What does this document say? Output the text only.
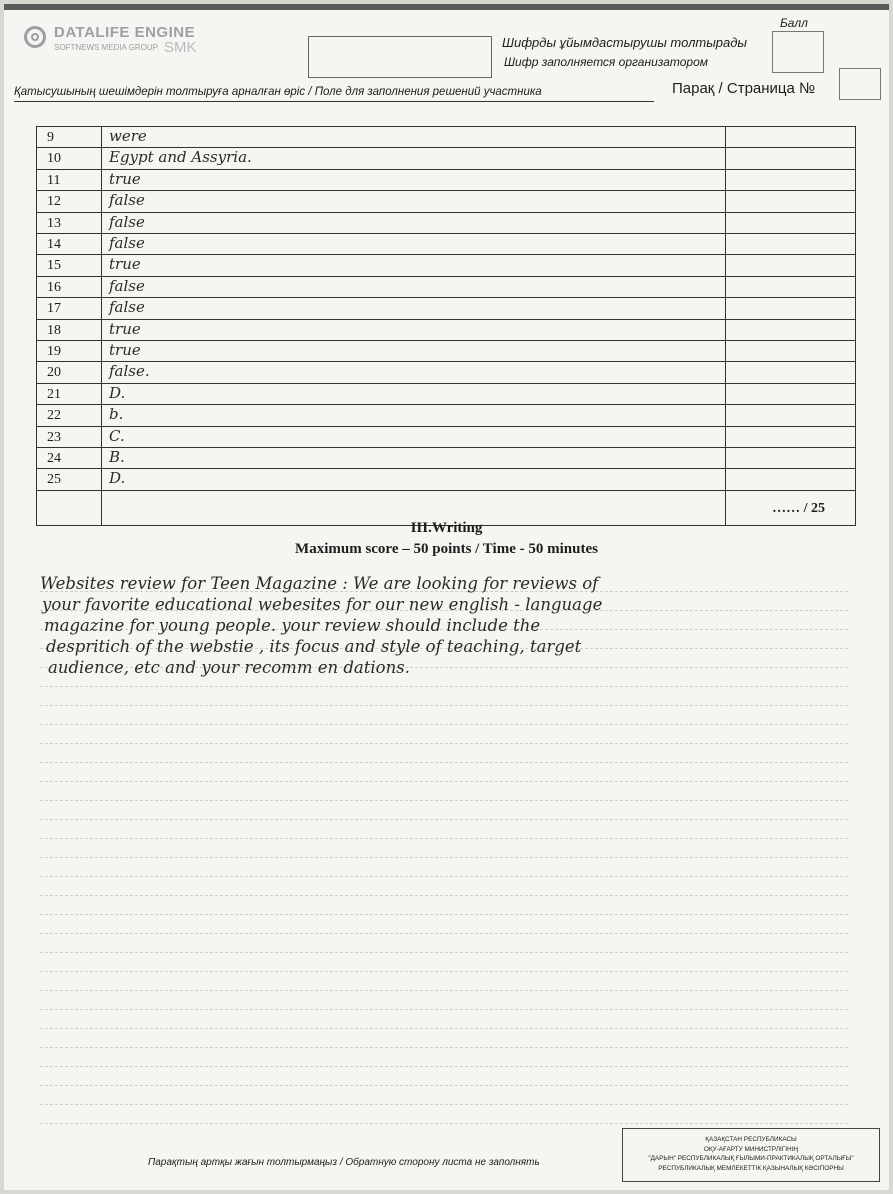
DATALIFE ENGINE
SOFTNEWS MEDIA GROUP SMK	Шифрды ұйымдастырушы толтырады
Шифр заполняется организатором
Балл
Қатысушының шешімдерін толтыруға арналған өріс / Поле для заполнения решений участника	Парақ / Страница №
…… / 25
9	were
10	Egypt and Assyria.
11	true
12	false
13	false
14	false
15	true
16	false
17	false
18	true
19	true
20	false.
21	D.
22	b.
23	C.
24	B.
25	D.
III.Writing
Maximum score – 50 points / Time - 50 minutes
Websites review for Teen Magazine : We are looking for reviews of
your favorite educational webesites for our new english - language
magazine for young people. your review should include the
despritich of the webstie , its focus and style of teaching, target
audience, etc and your recomm en dations.
Парақтың артқы жағын толтырмаңыз / Обратную сторону листа не заполнять
ҚАЗАҚСТАН РЕСПУБЛИКАСЫ
ОҚУ-АҒАРТУ МИНИСТРЛІГІНІҢ
"ДАРЫН" РЕСПУБЛИКАЛЫҚ ҒЫЛЫМИ-ПРАКТИКАЛЫҚ ОРТАЛЫҒЫ"
РЕСПУБЛИКАЛЫҚ МЕМЛЕКЕТТІК ҚАЗЫНАЛЫҚ КӘСІПОРНЫ
